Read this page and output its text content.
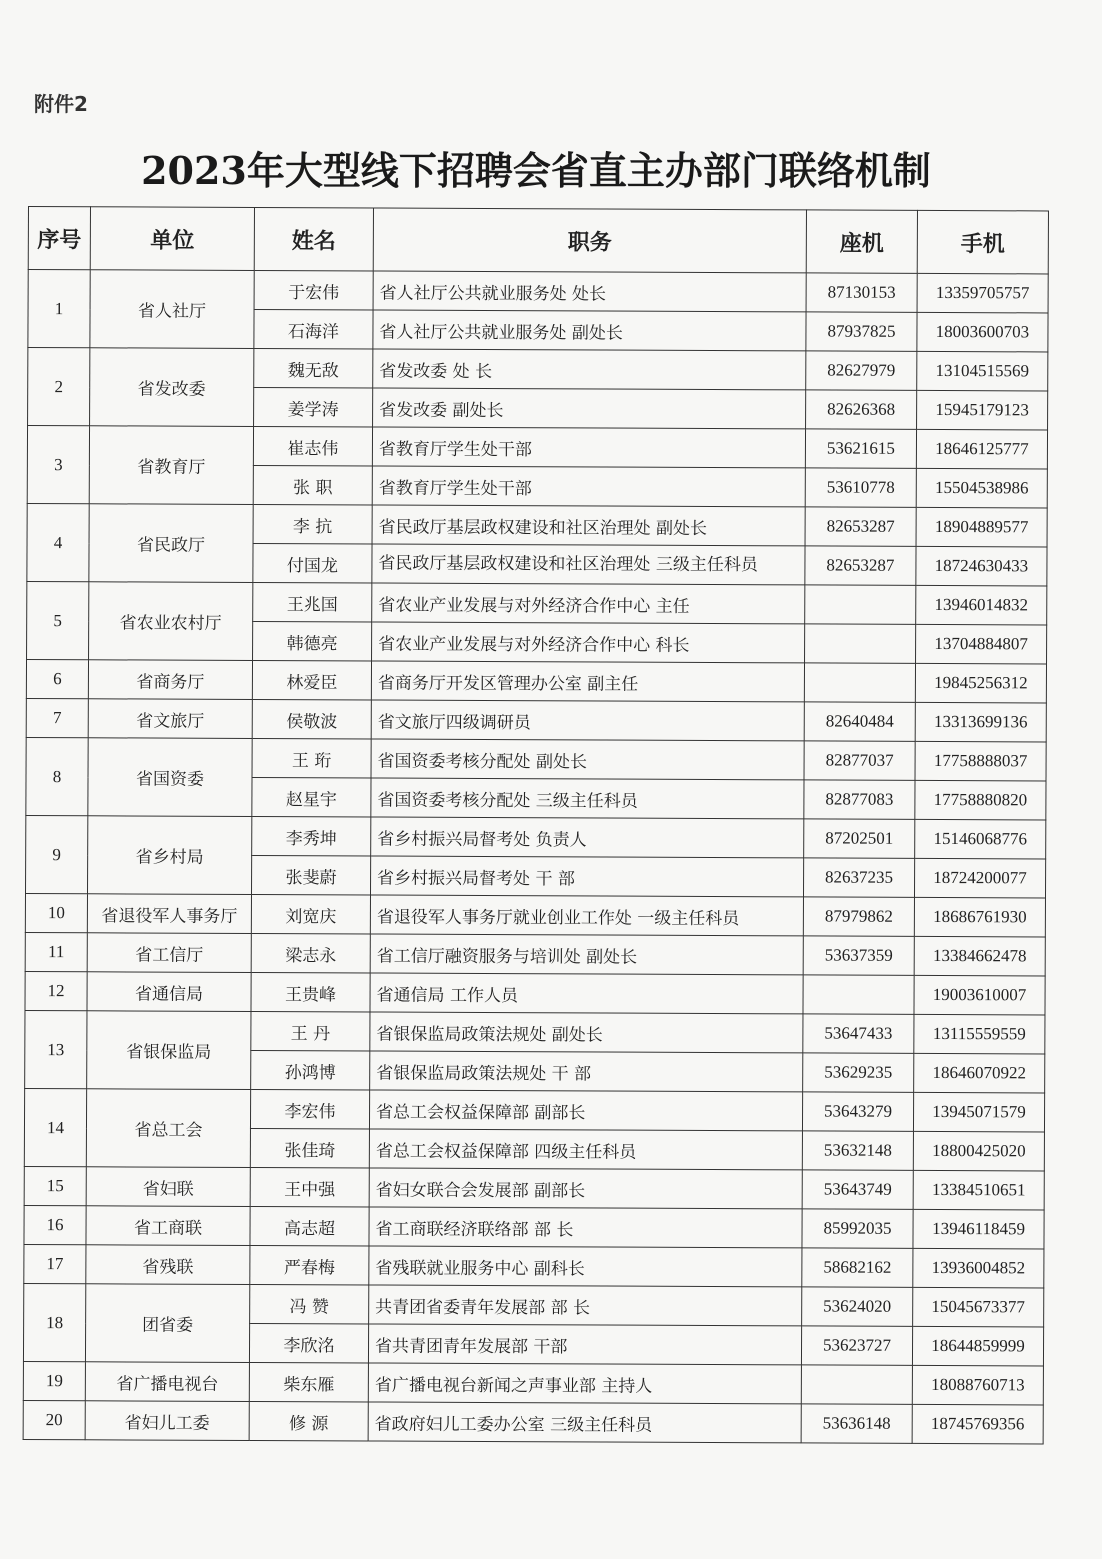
附件2
2023年大型线下招聘会省直主办部门联络机制
序号	单位	姓名	职务	座机	手机
1	省人社厅	于宏伟	省人社厅公共就业服务处 处长	87130153	13359705757
		石海洋	省人社厅公共就业服务处 副处长	87937825	18003600703
2	省发改委	魏无敌	省发改委 处 长	82627979	13104515569
		姜学涛	省发改委 副处长	82626368	15945179123
3	省教育厅	崔志伟	省教育厅学生处干部	53621615	18646125777
		张 职	省教育厅学生处干部	53610778	15504538986
4	省民政厅	李 抗	省民政厅基层政权建设和社区治理处 副处长	82653287	18904889577
		付国龙	省民政厅基层政权建设和社区治理处 三级主任科员	82653287	18724630433
5	省农业农村厅	王兆国	省农业产业发展与对外经济合作中心 主任		13946014832
		韩德亮	省农业产业发展与对外经济合作中心 科长		13704884807
6	省商务厅	林爱臣	省商务厅开发区管理办公室 副主任		19845256312
7	省文旅厅	侯敬波	省文旅厅四级调研员	82640484	13313699136
8	省国资委	王 珩	省国资委考核分配处 副处长	82877037	17758888037
		赵星宇	省国资委考核分配处 三级主任科员	82877083	17758880820
9	省乡村局	李秀坤	省乡村振兴局督考处 负责人	87202501	15146068776
		张斐蔚	省乡村振兴局督考处 干 部	82637235	18724200077
10	省退役军人事务厅	刘宽庆	省退役军人事务厅就业创业工作处 一级主任科员	87979862	18686761930
11	省工信厅	梁志永	省工信厅融资服务与培训处 副处长	53637359	13384662478
12	省通信局	王贵峰	省通信局 工作人员		19003610007
13	省银保监局	王 丹	省银保监局政策法规处 副处长	53647433	13115559559
		孙鸿博	省银保监局政策法规处 干 部	53629235	18646070922
14	省总工会	李宏伟	省总工会权益保障部 副部长	53643279	13945071579
		张佳琦	省总工会权益保障部 四级主任科员	53632148	18800425020
15	省妇联	王中强	省妇女联合会发展部 副部长	53643749	13384510651
16	省工商联	高志超	省工商联经济联络部 部 长	85992035	13946118459
17	省残联	严春梅	省残联就业服务中心 副科长	58682162	13936004852
18	团省委	冯 赞	共青团省委青年发展部 部 长	53624020	15045673377
		李欣洺	省共青团青年发展部 干部	53623727	18644859999
19	省广播电视台	柴东雁	省广播电视台新闻之声事业部 主持人		18088760713
20	省妇儿工委	修 源	省政府妇儿工委办公室 三级主任科员	53636148	18745769356
